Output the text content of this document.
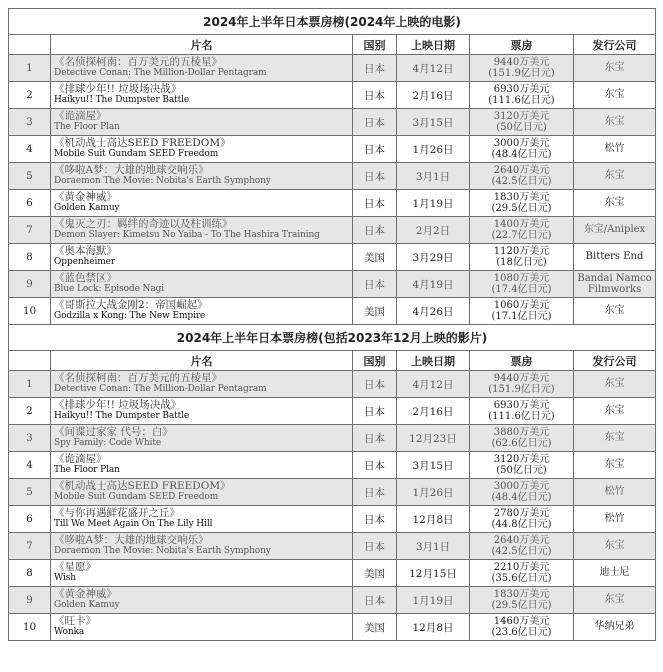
2024年上半年日本票房榜(2024年上映的电影)					
	片名	国别	上映日期	票房	发行公司
1	《名侦探柯南：百万美元的五棱星》
Detective Conan: The Million-Dollar Pentagram	日本	4月12日	9440万美元
(151.9亿日元)	东宝

2	《排球少年!! 垃圾场决战》
Haikyu!! The Dumpster Battle	日本	2月16日	6930万美元
(111.6亿日元)	东宝

3	《诡滴屋》
The Floor Plan	日本	3月15日	3120万美元
(50亿日元)	东宝

4	《机动战士高达SEED FREEDOM》
Mobile Suit Gundam SEED Freedom	日本	1月26日	3000万美元
(48.4亿日元)	松竹

5	《哆啦A梦：大雄的地球交响乐》
Doraemon The Movie: Nobita's Earth Symphony	日本	3月1日	2640万美元
(42.5亿日元)	东宝

6	《黄金神威》
Golden Kamuy	日本	1月19日	1830万美元
(29.5亿日元)	东宝

7	《鬼灭之刃：羁绊的奇迹以及柱训练》
Demon Slayer: Kimetsu No Yaiba - To The Hashira Training	日本	2月2日	1400万美元
(22.7亿日元)	东宝/Aniplex

8	《奥本海默》
Oppenheimer	美国	3月29日	1120万美元
(18亿日元)	Bitters End

9	《蓝色禁区》
Blue Lock: Episode Nagi	日本	4月19日	1080万美元
(17.4亿日元)	Bandai Namco
Filmworks

10	《哥斯拉大战金刚2：帝国崛起》
Godzilla x Kong: The New Empire	美国	4月26日	1060万美元
(17.1亿日元)	东宝

2024年上半年日本票房榜(包括2023年12月上映的影片)					
	片名	国别	上映日期	票房	发行公司
1	《名侦探柯南：百万美元的五棱星》
Detective Conan: The Million-Dollar Pentagram	日本	4月12日	9440万美元
(151.9亿日元)	东宝

2	《排球少年!! 垃圾场决战》
Haikyu!! The Dumpster Battle	日本	2月16日	6930万美元
(111.6亿日元)	东宝

3	《间谍过家家 代号：白》
Spy Family: Code White	日本	12月23日	3880万美元
(62.6亿日元)	东宝

4	《诡滴屋》
The Floor Plan	日本	3月15日	3120万美元
(50亿日元)	东宝

5	《机动战士高达SEED FREEDOM》
Mobile Suit Gundam SEED Freedom	日本	1月26日	3000万美元
(48.4亿日元)	松竹

6	《与你再遇鲜花盛开之丘》
Till We Meet Again On The Lily Hill	日本	12月8日	2780万美元
(44.8亿日元)	松竹

7	《哆啦A梦：大雄的地球交响乐》
Doraemon The Movie: Nobita's Earth Symphony	日本	3月1日	2640万美元
(42.5亿日元)	东宝

8	《星愿》
Wish	美国	12月15日	2210万美元
(35.6亿日元)	迪士尼

9	《黄金神威》
Golden Kamuy	日本	1月19日	1830万美元
(29.5亿日元)	东宝

10	《旺卡》
Wonka	美国	12月8日	1460万美元
(23.6亿日元)	华纳兄弟
